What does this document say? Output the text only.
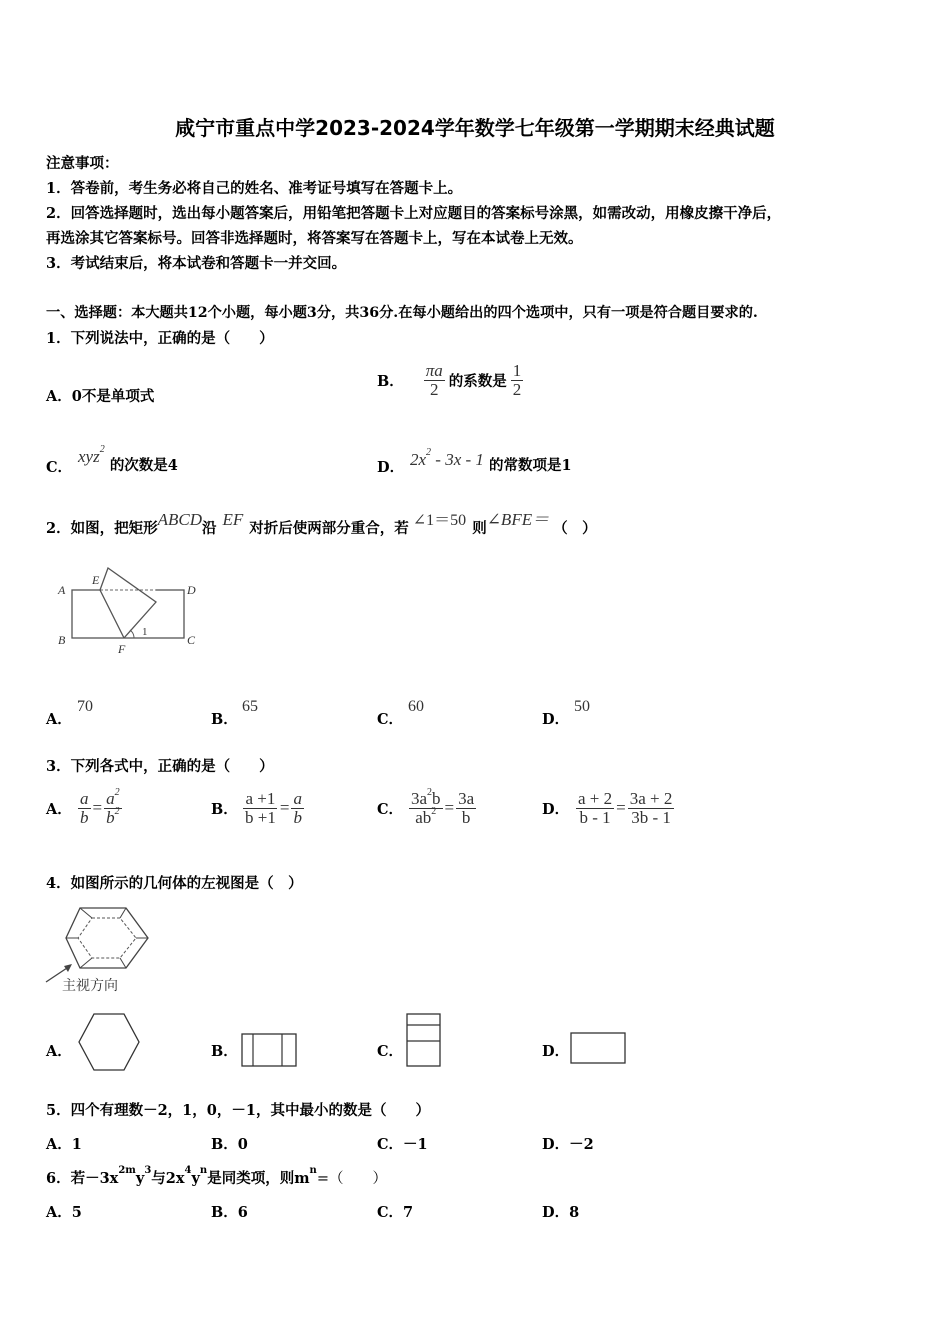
咸宁市重点中学2023-2024学年数学七年级第一学期期末经典试题
注意事项：
1．答卷前，考生务必将自己的姓名、准考证号填写在答题卡上。
2．回答选择题时，选出每小题答案后，用铅笔把答题卡上对应题目的答案标号涂黑，如需改动，用橡皮擦干净后，
再选涂其它答案标号。回答非选择题时，将答案写在答题卡上，写在本试卷上无效。
3．考试结束后，将本试卷和答题卡一并交回。
一、选择题：本大题共12个小题，每小题3分，共36分.在每小题给出的四个选项中，只有一项是符合题目要求的.
1．下列说法中，正确的是（　　）
A．0不是单项式
B． $\frac{\pi a}{2}$ 的系数是 $\frac{1}{2}$
C．
xyz$^2$ 的次数是4	D． $2x^2 - 3x - 1$ 的常数项是1
2．如图，把矩形ABCD沿 EF 对折后使两部分重合，若 ∠1＝50 则∠BFE＝ （　）
A
E
D
B
F
C
1
A．
70
B．
65
C．
60
D．
50
3．下列各式中，正确的是（　　）
A． $\frac{a}{b} = \frac{a^2}{b^2}$	B． $\frac{a +1}{b +1} = \frac{a}{b}$	C． $\frac{3a^2b}{ab^2} = \frac{3a}{b}$	D． $\frac{a + 2}{b - 1} = \frac{3a + 2}{3b - 1}$
4．如图所示的几何体的左视图是（　）
主视方向
A．	B．	C．	D．
5．四个有理数－2，1，0，－1，其中最小的数是（　　）
A．1	B．0	C．－1	D．－2
6．若$-3x^{2m}y^3$与$2x^4y^n$是同类项，则$m^n=$（　　）
A．5	B．6	C．7	D．8
